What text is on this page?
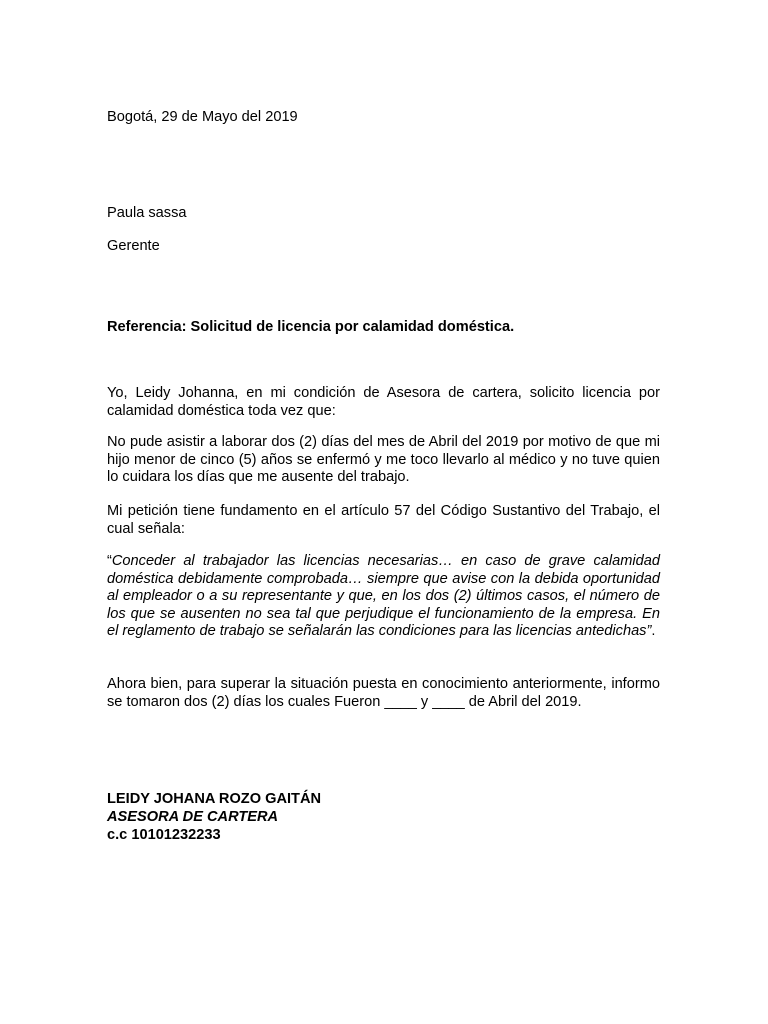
Bogotá, 29 de Mayo del 2019
Paula sassa
Gerente
Referencia: Solicitud de licencia por calamidad doméstica.
Yo, Leidy Johanna, en mi condición de Asesora de cartera, solicito licencia por calamidad doméstica toda vez que:
No pude asistir a laborar dos (2) días del mes de Abril del 2019 por motivo de que mi hijo menor de cinco (5) años se enfermó y me toco llevarlo al médico y no tuve quien lo cuidara los días que me ausente del trabajo.
Mi petición tiene fundamento en el artículo 57 del Código Sustantivo del Trabajo, el cual señala:
“Conceder al trabajador las licencias necesarias… en caso de grave calamidad doméstica debidamente comprobada… siempre que avise con la debida oportunidad al empleador o a su representante y que, en los dos (2) últimos casos, el número de los que se ausenten no sea tal que perjudique el funcionamiento de la empresa. En el reglamento de trabajo se señalarán las condiciones para las licencias antedichas”.
Ahora bien, para superar la situación puesta en conocimiento anteriormente, informo se tomaron dos (2) días los cuales Fueron ____ y ____ de Abril del 2019.
LEIDY JOHANA ROZO GAITÁN
ASESORA DE CARTERA
c.c 10101232233
